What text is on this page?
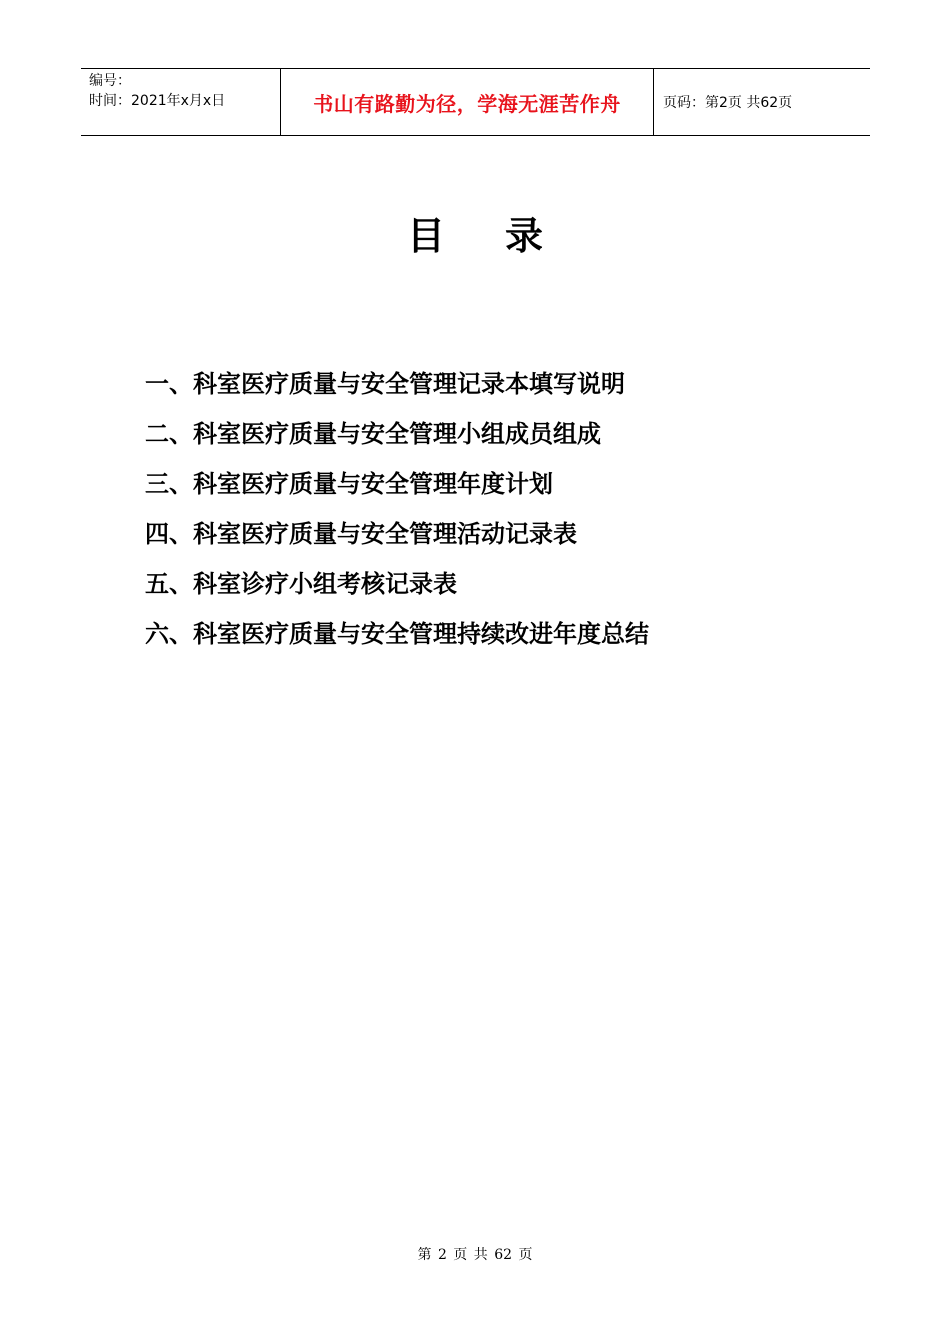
编号：
时间：2021年x月x日	书山有路勤为径，学海无涯苦作舟	页码：第2页 共62页
目录
一、科室医疗质量与安全管理记录本填写说明
二、科室医疗质量与安全管理小组成员组成
三、科室医疗质量与安全管理年度计划
四、科室医疗质量与安全管理活动记录表
五、科室诊疗小组考核记录表
六、科室医疗质量与安全管理持续改进年度总结
第 2 页 共 62 页
